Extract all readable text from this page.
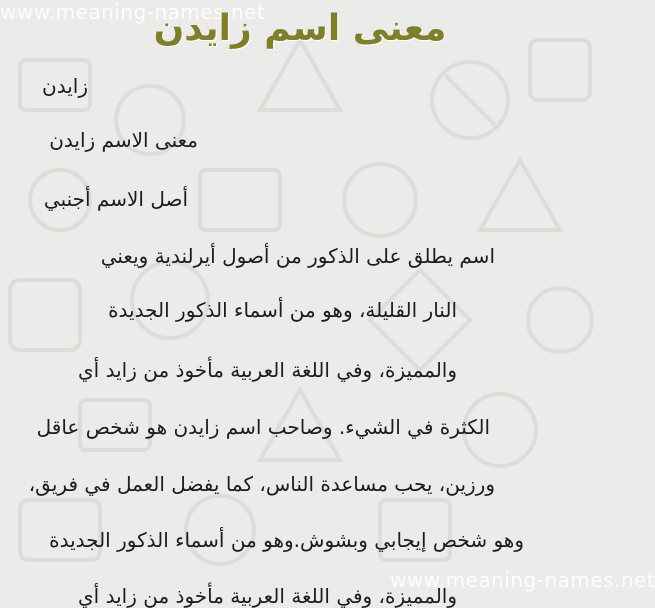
www.meaning-names.net
www.meaning-names.net
معنى اسم زايدن
زايدن
معنى الاسم زايدن
أصل الاسم أجنبي
اسم يطلق على الذكور من أصول أيرلندية ويعني
النار القليلة، وهو من أسماء الذكور الجديدة
والمميزة، وفي اللغة العربية مأخوذ من زايد أي
الكثرة في الشيء. وصاحب اسم زايدن هو شخص عاقل
ورزين، يحب مساعدة الناس، كما يفضل العمل في فريق،
وهو شخص إيجابي وبشوش.وهو من أسماء الذكور الجديدة
والمميزة، وفي اللغة العربية مأخوذ من زايد أي
